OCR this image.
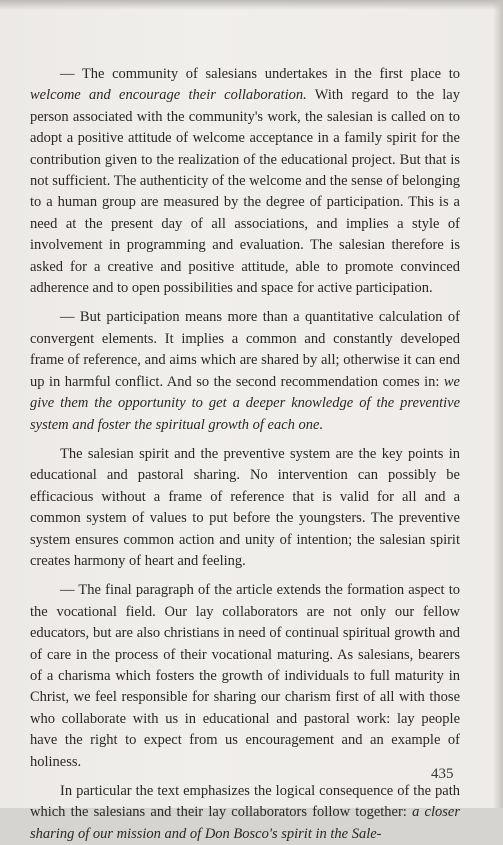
— The community of salesians undertakes in the first place to welcome and encourage their collaboration. With regard to the lay person associated with the community's work, the salesian is called on to adopt a positive attitude of welcome acceptance in a family spirit for the contribution given to the realization of the educational project. But that is not sufficient. The authenticity of the welcome and the sense of belonging to a human group are measured by the degree of participation. This is a need at the present day of all associations, and implies a style of involvement in programming and evaluation. The salesian therefore is asked for a creative and positive attitude, able to promote convinced adherence and to open possibilities and space for active participation.

— But participation means more than a quantitative calculation of convergent elements. It implies a common and constantly developed frame of reference, and aims which are shared by all; otherwise it can end up in harmful conflict. And so the second recommendation comes in: we give them the opportunity to get a deeper knowledge of the preventive system and foster the spiritual growth of each one.

The salesian spirit and the preventive system are the key points in educational and pastoral sharing. No intervention can possibly be efficacious without a frame of reference that is valid for all and a common system of values to put before the youngsters. The preventive system ensures common action and unity of intention; the salesian spirit creates harmony of heart and feeling.

— The final paragraph of the article extends the formation aspect to the vocational field. Our lay collaborators are not only our fellow educators, but are also christians in need of continual spiritual growth and of care in the process of their vocational maturing. As salesians, bearers of a charisma which fosters the growth of individuals to full maturity in Christ, we feel responsible for sharing our charism first of all with those who collaborate with us in educational and pastoral work: lay people have the right to expect from us encouragement and an example of holiness.

In particular the text emphasizes the logical consequence of the path which the salesians and their lay collaborators follow together: a closer sharing of our mission and of Don Bosco's spirit in the Sale-

435
